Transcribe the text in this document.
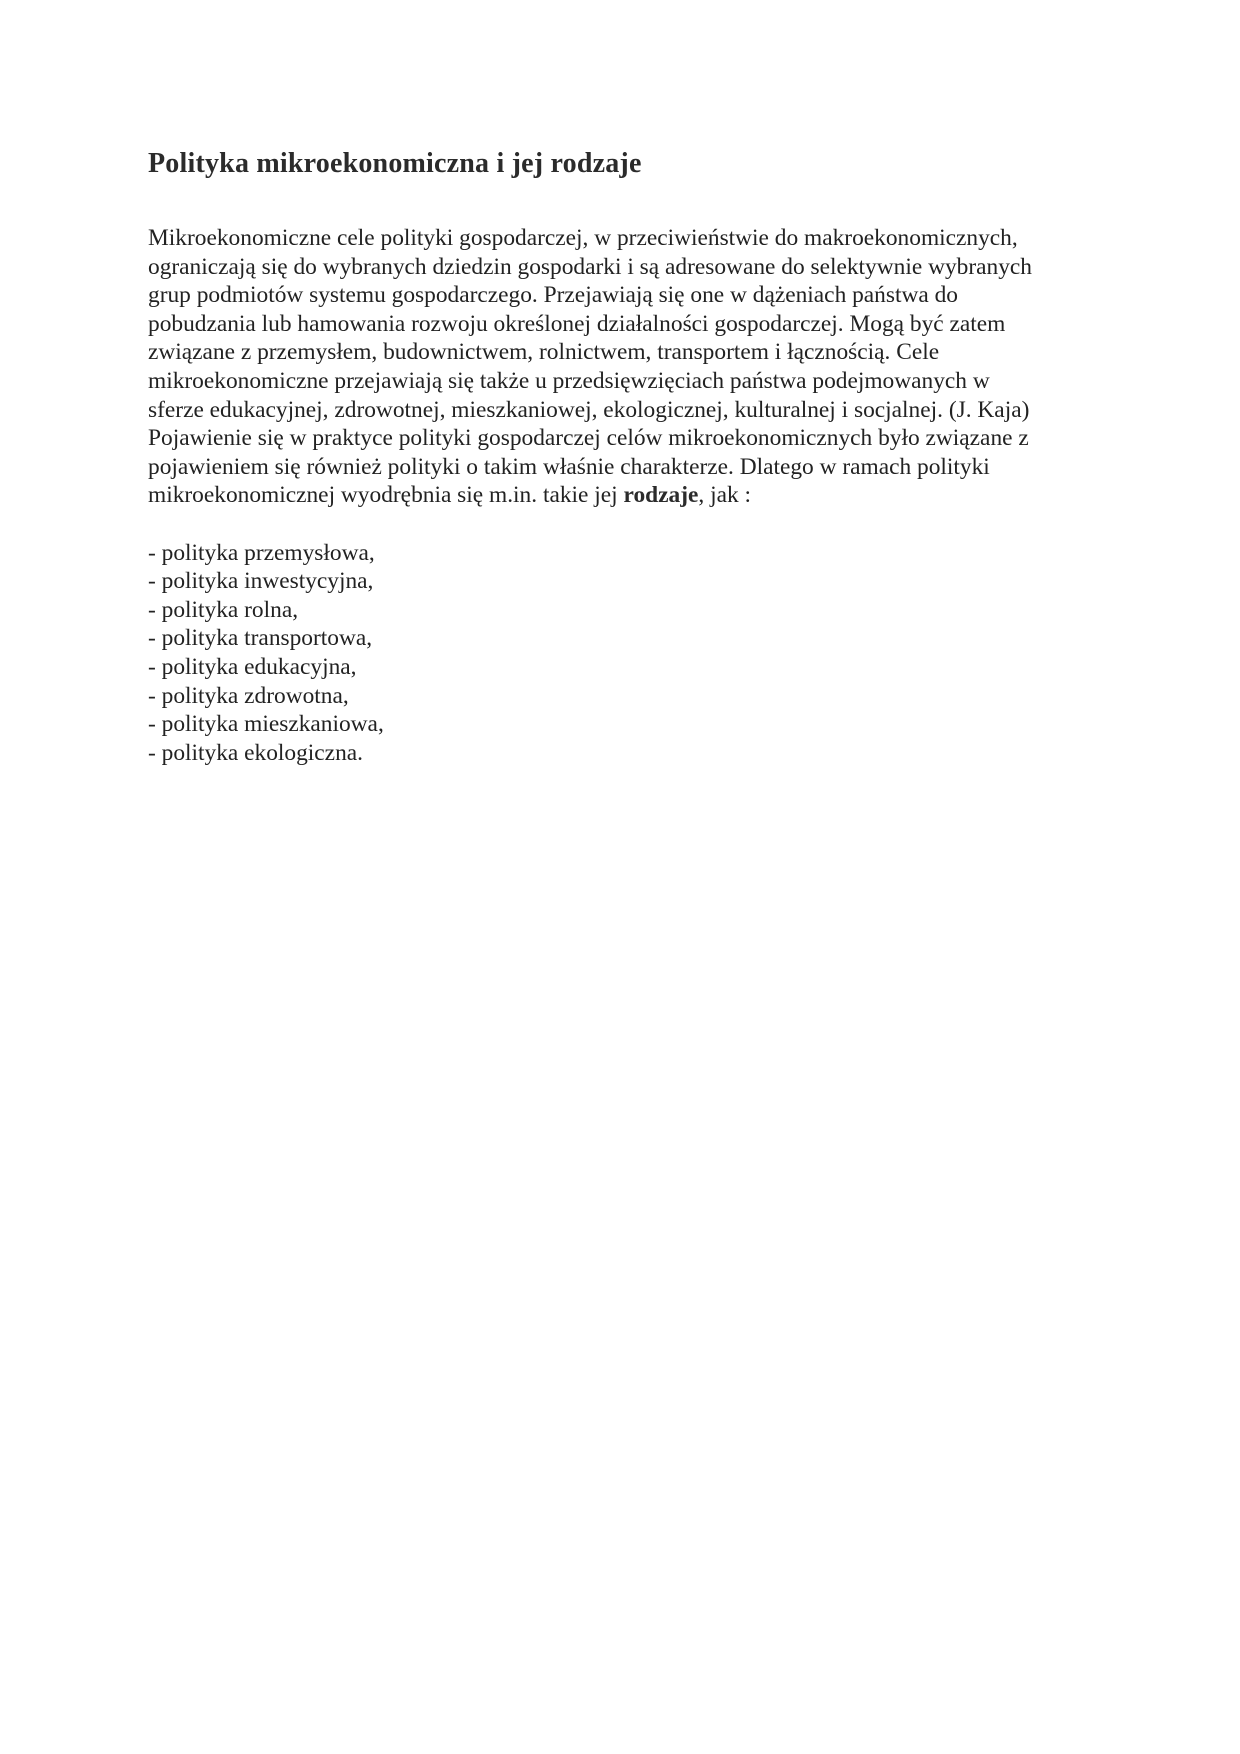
Polityka mikroekonomiczna i jej rodzaje

Mikroekonomiczne cele polityki gospodarczej, w przeciwieństwie do makroekonomicznych,
ograniczają się do wybranych dziedzin gospodarki i są adresowane do selektywnie wybranych
grup podmiotów systemu gospodarczego. Przejawiają się one w dążeniach państwa do
pobudzania lub hamowania rozwoju określonej działalności gospodarczej. Mogą być zatem
związane z przemysłem, budownictwem, rolnictwem, transportem i łącznością. Cele
mikroekonomiczne przejawiają się także u przedsięwzięciach państwa podejmowanych w
sferze edukacyjnej, zdrowotnej, mieszkaniowej, ekologicznej, kulturalnej i socjalnej. (J. Kaja)
Pojawienie się w praktyce polityki gospodarczej celów mikroekonomicznych było związane z
pojawieniem się również polityki o takim właśnie charakterze. Dlatego w ramach polityki
mikroekonomicznej wyodrębnia się m.in. takie jej rodzaje, jak :

- polityka przemysłowa,
- polityka inwestycyjna,
- polityka rolna,
- polityka transportowa,
- polityka edukacyjna,
- polityka zdrowotna,
- polityka mieszkaniowa,
- polityka ekologiczna.
